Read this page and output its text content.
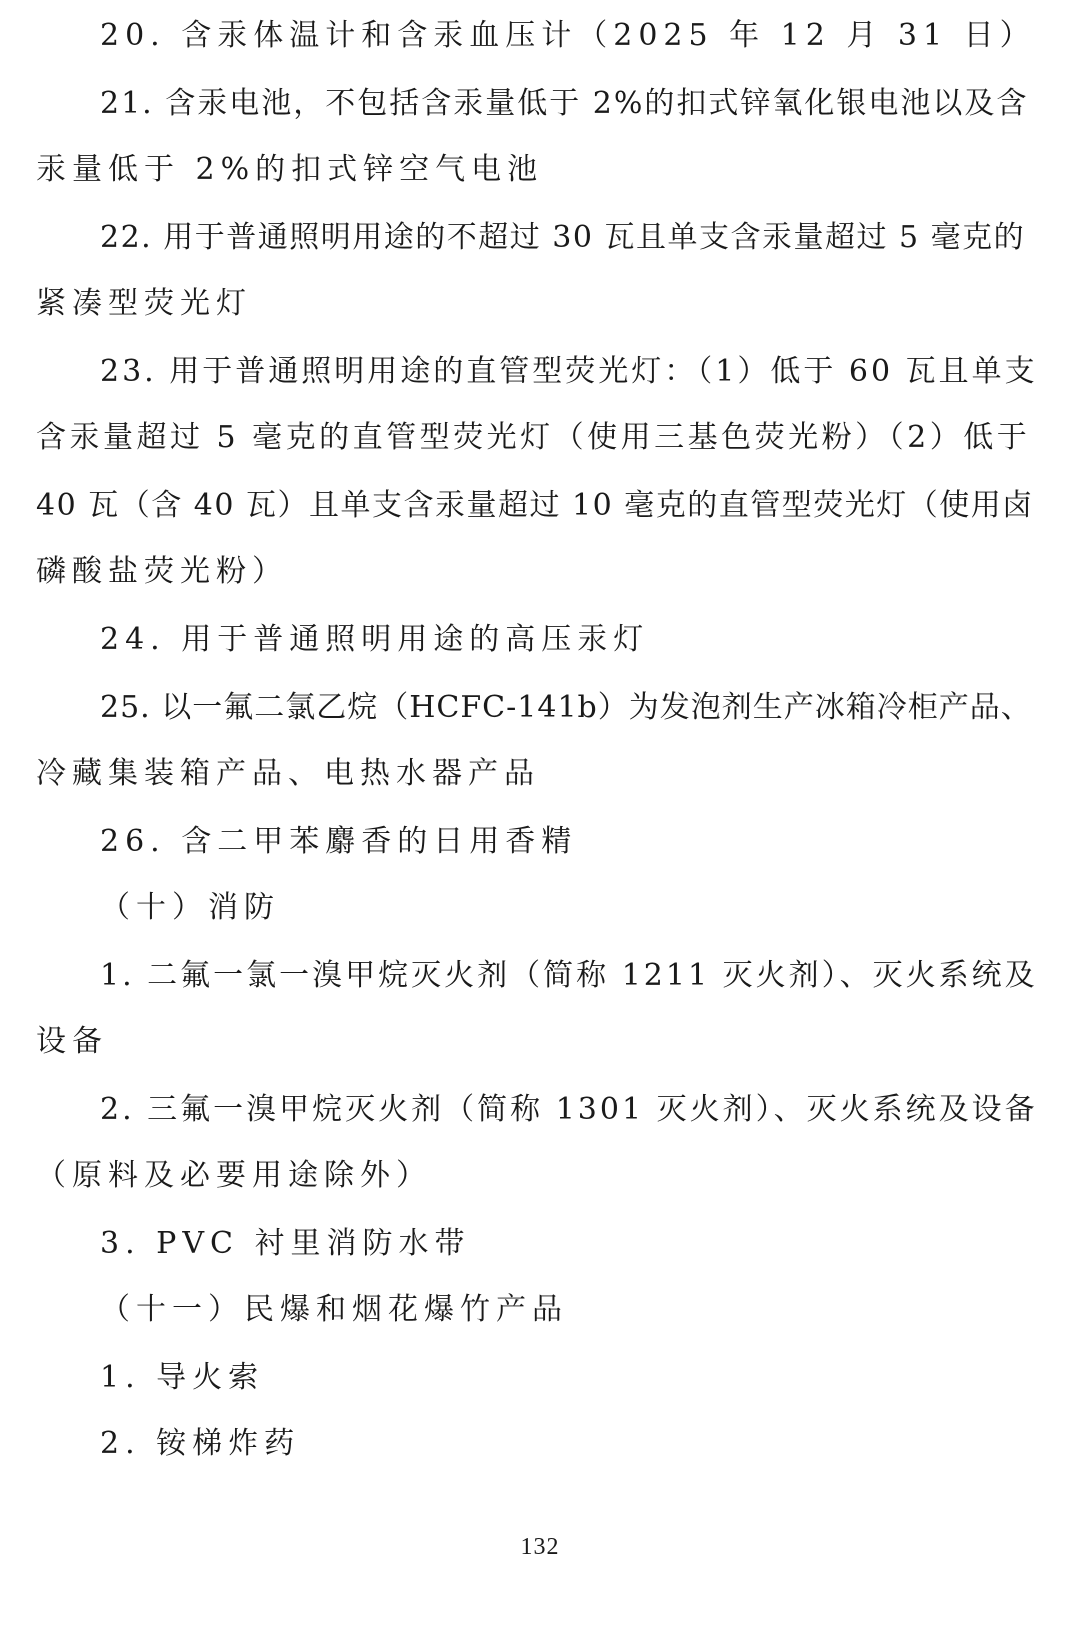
20. 含汞体温计和含汞血压计（2025 年 12 月 31 日）
21. 含汞电池，不包括含汞量低于 2%的扣式锌氧化银电池以及含
汞量低于 2%的扣式锌空气电池
22. 用于普通照明用途的不超过 30 瓦且单支含汞量超过 5 毫克的
紧凑型荧光灯
23. 用于普通照明用途的直管型荧光灯：（1）低于 60 瓦且单支
含汞量超过 5 毫克的直管型荧光灯（使用三基色荧光粉）（2）低于
40 瓦（含 40 瓦）且单支含汞量超过 10 毫克的直管型荧光灯（使用卤
磷酸盐荧光粉）
24. 用于普通照明用途的高压汞灯
25. 以一氟二氯乙烷（HCFC-141b）为发泡剂生产冰箱冷柜产品、
冷藏集装箱产品、电热水器产品
26. 含二甲苯麝香的日用香精
（十）消防
1. 二氟一氯一溴甲烷灭火剂（简称 1211 灭火剂）、灭火系统及
设备
2. 三氟一溴甲烷灭火剂（简称 1301 灭火剂）、灭火系统及设备
（原料及必要用途除外）
3. PVC 衬里消防水带
（十一）民爆和烟花爆竹产品
1. 导火索
2. 铵梯炸药
132
